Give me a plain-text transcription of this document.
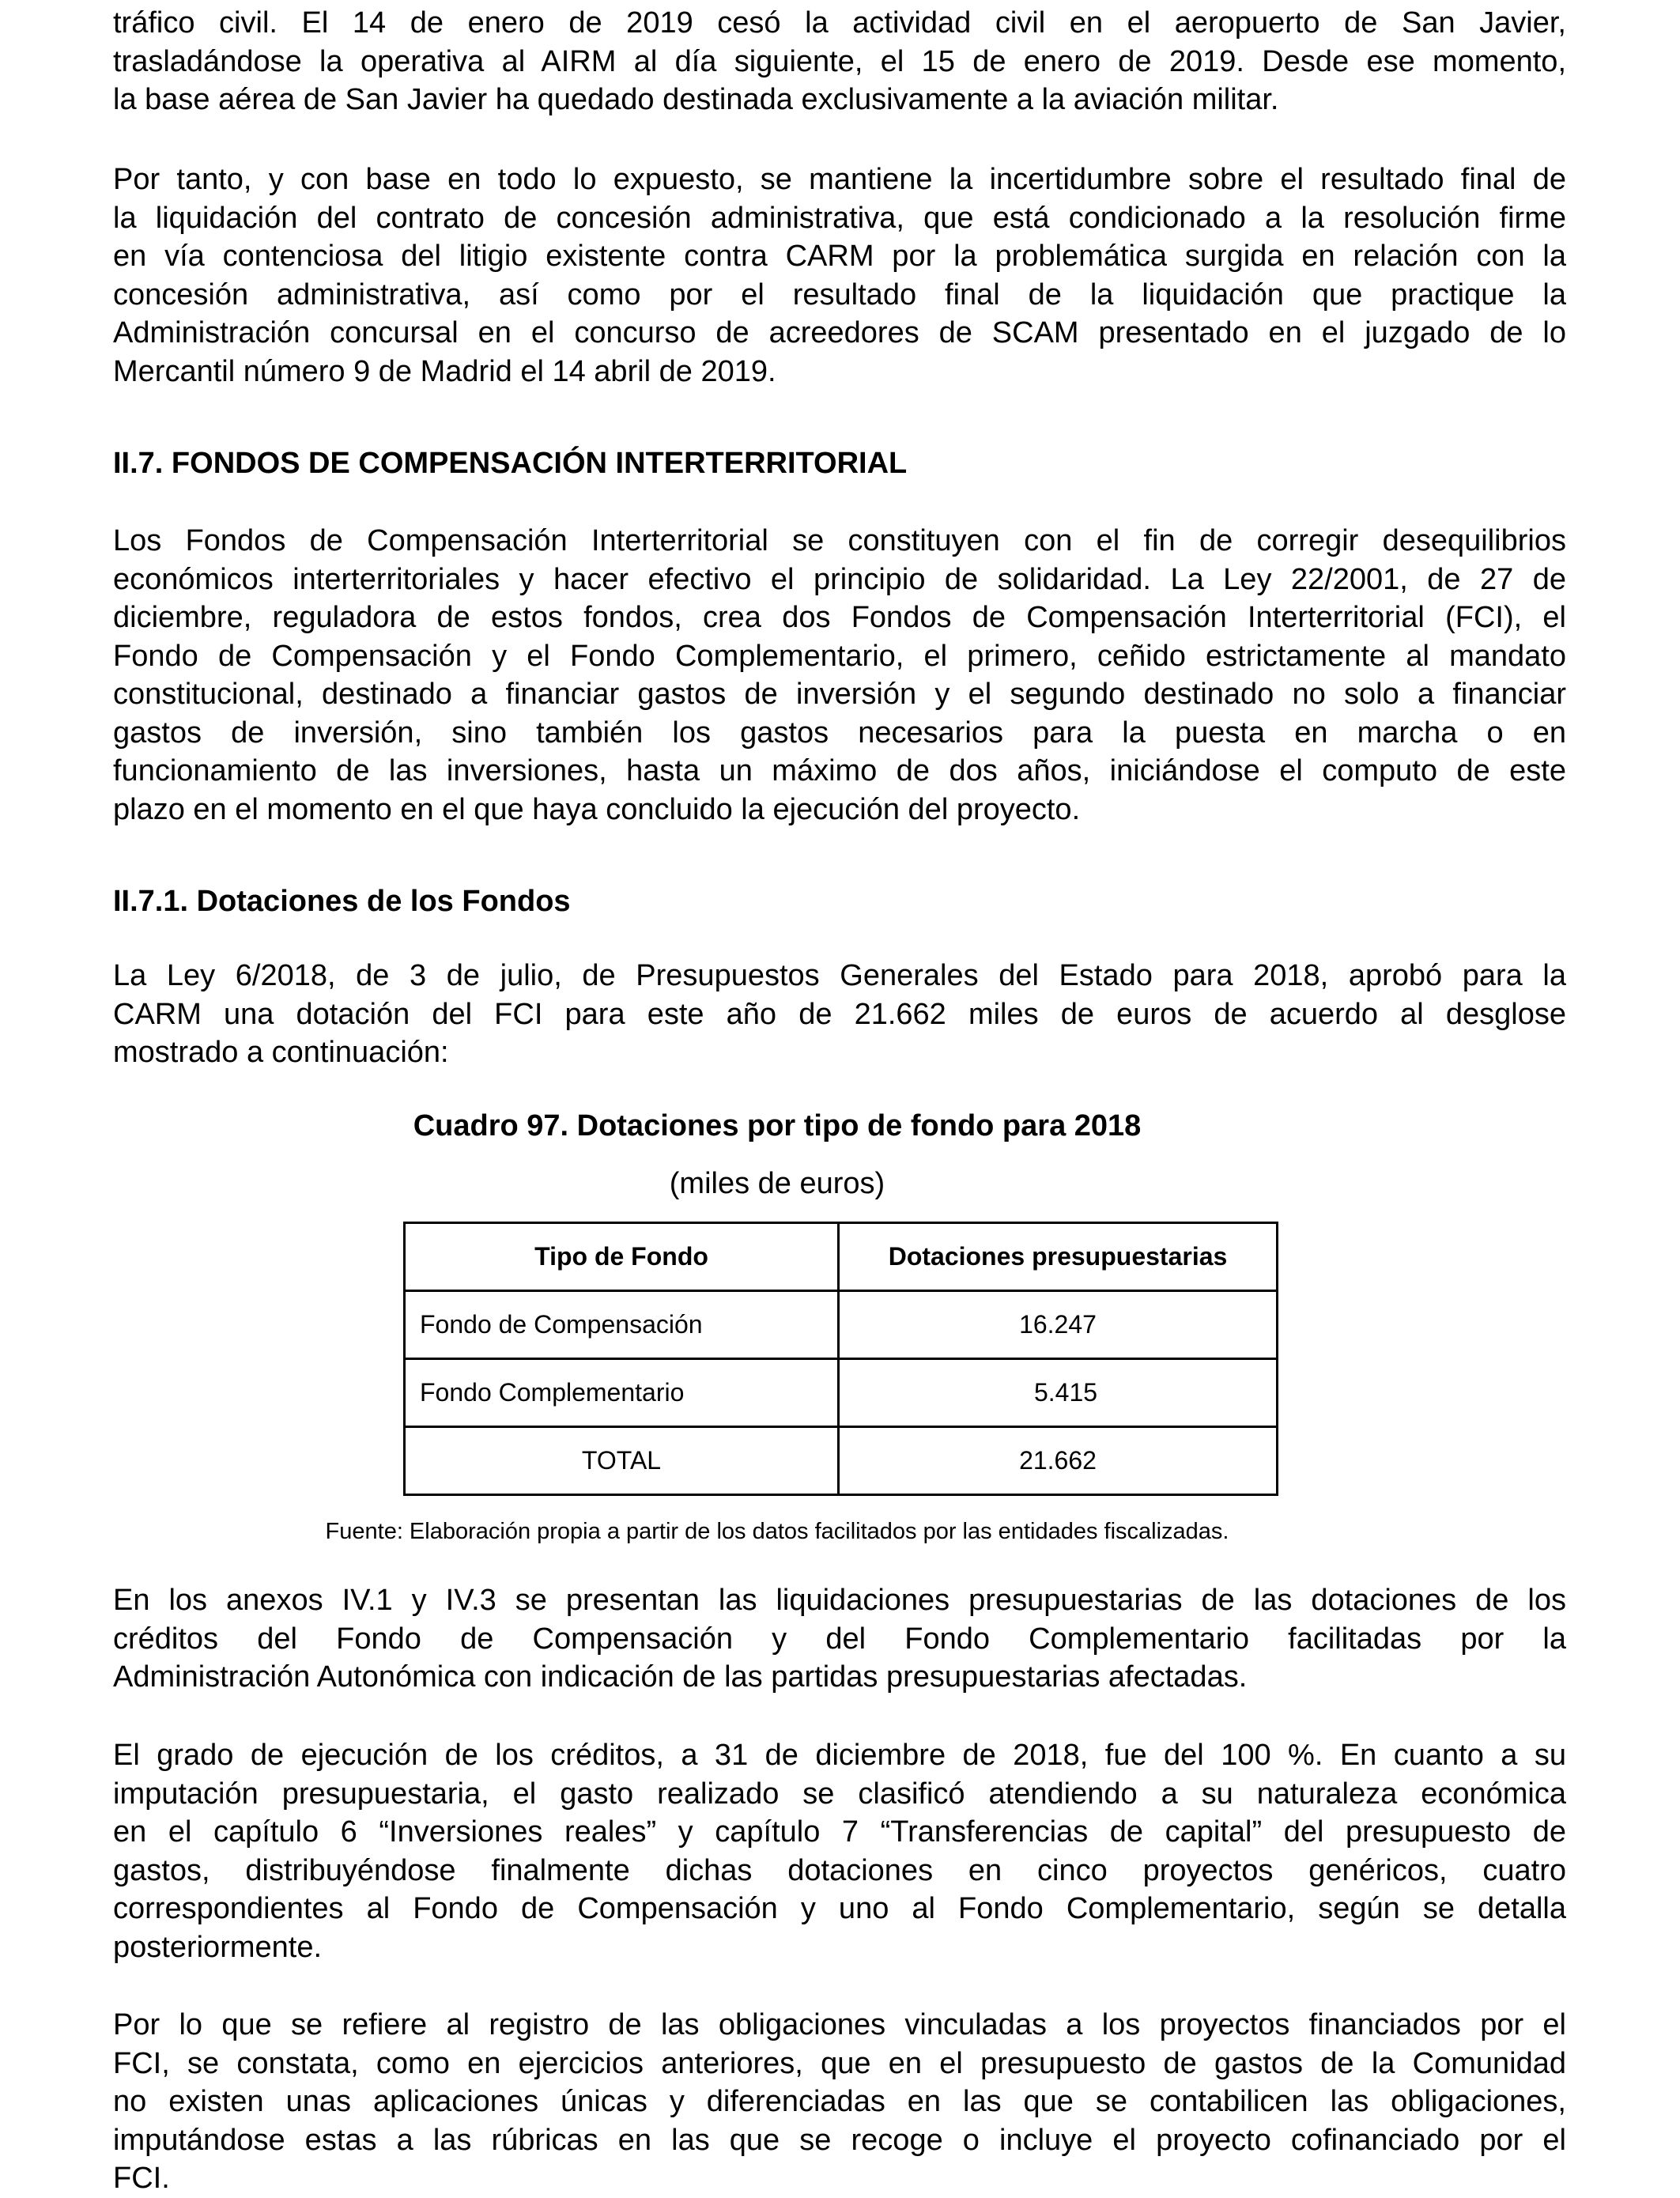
tráfico civil. El 14 de enero de 2019 cesó la actividad civil en el aeropuerto de San Javier,
trasladándose la operativa al AIRM al día siguiente, el 15 de enero de 2019. Desde ese momento,
la base aérea de San Javier ha quedado destinada exclusivamente a la aviación militar.
Por tanto, y con base en todo lo expuesto, se mantiene la incertidumbre sobre el resultado final de
la liquidación del contrato de concesión administrativa, que está condicionado a la resolución firme
en vía contenciosa del litigio existente contra CARM por la problemática surgida en relación con la
concesión administrativa, así como por el resultado final de la liquidación que practique la
Administración concursal en el concurso de acreedores de SCAM presentado en el juzgado de lo
Mercantil número 9 de Madrid el 14 abril de 2019.
II.7. FONDOS DE COMPENSACIÓN INTERTERRITORIAL
Los Fondos de Compensación Interterritorial se constituyen con el fin de corregir desequilibrios
económicos interterritoriales y hacer efectivo el principio de solidaridad. La Ley 22/2001, de 27 de
diciembre, reguladora de estos fondos, crea dos Fondos de Compensación Interterritorial (FCI), el
Fondo de Compensación y el Fondo Complementario, el primero, ceñido estrictamente al mandato
constitucional, destinado a financiar gastos de inversión y el segundo destinado no solo a financiar
gastos de inversión, sino también los gastos necesarios para la puesta en marcha o en
funcionamiento de las inversiones, hasta un máximo de dos años, iniciándose el computo de este
plazo en el momento en el que haya concluido la ejecución del proyecto.
II.7.1. Dotaciones de los Fondos
La Ley 6/2018, de 3 de julio, de Presupuestos Generales del Estado para 2018, aprobó para la
CARM una dotación del FCI para este año de 21.662 miles de euros de acuerdo al desglose
mostrado a continuación:

Cuadro 97. Dotaciones por tipo de fondo para 2018

(miles de euros)

Tipo de Fondo	Dotaciones presupuestarias
Fondo de Compensación	16.247
Fondo Complementario	5.415
TOTAL	21.662

Fuente: Elaboración propia a partir de los datos facilitados por las entidades fiscalizadas.

En los anexos IV.1 y IV.3 se presentan las liquidaciones presupuestarias de las dotaciones de los
créditos del Fondo de Compensación y del Fondo Complementario facilitadas por la
Administración Autonómica con indicación de las partidas presupuestarias afectadas.
El grado de ejecución de los créditos, a 31 de diciembre de 2018, fue del 100 %. En cuanto a su
imputación presupuestaria, el gasto realizado se clasificó atendiendo a su naturaleza económica
en el capítulo 6 “Inversiones reales” y capítulo 7 “Transferencias de capital” del presupuesto de
gastos, distribuyéndose finalmente dichas dotaciones en cinco proyectos genéricos, cuatro
correspondientes al Fondo de Compensación y uno al Fondo Complementario, según se detalla
posteriormente.
Por lo que se refiere al registro de las obligaciones vinculadas a los proyectos financiados por el
FCI, se constata, como en ejercicios anteriores, que en el presupuesto de gastos de la Comunidad
no existen unas aplicaciones únicas y diferenciadas en las que se contabilicen las obligaciones,
imputándose estas a las rúbricas en las que se recoge o incluye el proyecto cofinanciado por el
FCI.
